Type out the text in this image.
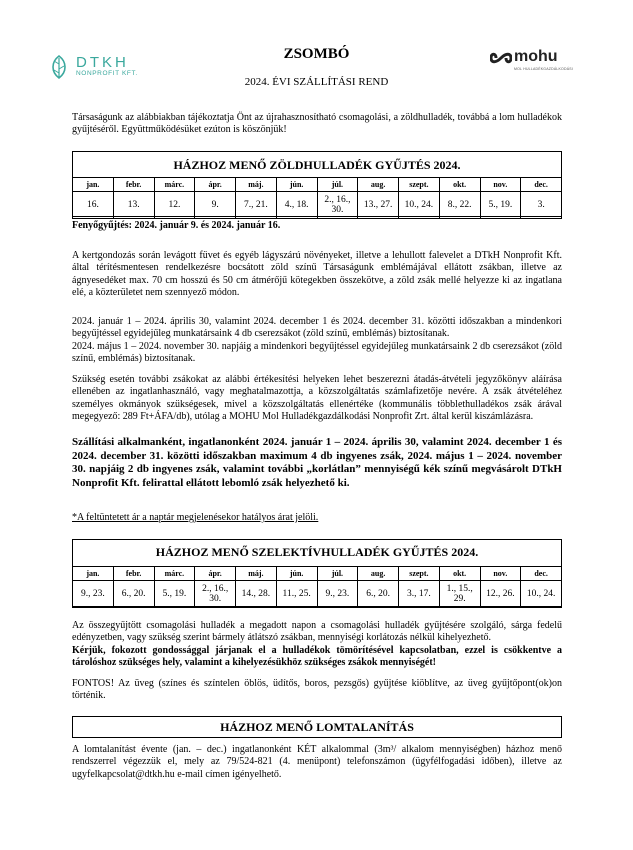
DTKH
NONPROFIT KFT.
ZSOMBÓ
2024. ÉVI SZÁLLÍTÁSI REND
mohu
MOL HULLADÉKGAZDÁLKODÁSI

Társaságunk az alábbiakban tájékoztatja Önt az újrahasznosítható csomagolási, a zöldhulladék, továbbá a lom hulladékok gyűjtéséről. Együttműködésüket ezúton is köszönjük!

HÁZHOZ MENŐ ZÖLDHULLADÉK GYŰJTÉS 2024.
jan.	febr.	márc.	ápr.	máj.	jún.	júl.	aug.	szept.	okt.	nov.	dec.
16.	13.	12.	9.	7., 21.	4., 18.	2., 16., 30.	13., 27.	10., 24.	8., 22.	5., 19.	3.

Fenyőgyűjtés: 2024. január 9. és 2024. január 16.

A kertgondozás során levágott füvet és egyéb lágyszárú növényeket, illetve a lehullott falevelet a DTkH Nonprofit Kft. által térítésmentesen rendelkezésre bocsátott zöld színű Társaságunk emblémájával ellátott zsákban, illetve az ágnyesedéket max. 70 cm hosszú és 50 cm átmérőjű kötegekben összekötve, a zöld zsák mellé helyezze ki az ingatlana elé, a közterületet nem szennyező módon.

2024. január 1 – 2024. április 30, valamint 2024. december 1 és 2024. december 31. közötti időszakban a mindenkori begyűjtéssel egyidejűleg munkatársaink 4 db cserezsákot (zöld színű, emblémás) biztosítanak.

2024. május 1 – 2024. november 30. napjáig a mindenkori begyűjtéssel egyidejűleg munkatársaink 2 db cserezsákot (zöld színű, emblémás) biztosítanak.

Szükség esetén további zsákokat az alábbi értékesítési helyeken lehet beszerezni átadás-átvételi jegyzőkönyv aláírása ellenében az ingatlanhasználó, vagy meghatalmazottja, a közszolgáltatás számlafizetője nevére. A zsák átvételéhez személyes okmányok szükségesek, mivel a közszolgáltatás ellenértéke (kommunális többlethulladékos zsák árával megegyező: 289 Ft+ÁFA/db), utólag a MOHU Mol Hulladékgazdálkodási Nonprofit Zrt. által kerül kiszámlázásra.

Szállítási alkalmanként, ingatlanonként 2024. január 1 – 2024. április 30, valamint 2024. december 1 és 2024. december 31. közötti időszakban maximum 4 db ingyenes zsák, 2024. május 1 – 2024. november 30. napjáig 2 db ingyenes zsák, valamint további „korlátlan” mennyiségű kék színű megvásárolt DTkH Nonprofit Kft. felirattal ellátott lebomló zsák helyezhető ki.

*A feltüntetett ár a naptár megjelenésekor hatályos árat jelöli.

HÁZHOZ MENŐ SZELEKTÍVHULLADÉK GYŰJTÉS 2024.
jan.	febr.	márc.	ápr.	máj.	jún.	júl.	aug.	szept.	okt.	nov.	dec.
9., 23.	6., 20.	5., 19.	2., 16., 30.	14., 28.	11., 25.	9., 23.	6., 20.	3., 17.	1., 15., 29.	12., 26.	10., 24.

Az összegyűjtött csomagolási hulladék a megadott napon a csomagolási hulladék gyűjtésére szolgáló, sárga fedelű edényzetben, vagy szükség szerint bármely átlátszó zsákban, mennyiségi korlátozás nélkül kihelyezhető.

Kérjük, fokozott gondossággal járjanak el a hulladékok tömörítésével kapcsolatban, ezzel is csökkentve a tárolóshoz szükséges hely, valamint a kihelyezésükhöz szükséges zsákok mennyiségét!

FONTOS! Az üveg (színes és színtelen öblös, üdítős, boros, pezsgős) gyűjtése kiöblítve, az üveg gyűjtőpont(ok)on történik.

HÁZHOZ MENŐ LOMTALANÍTÁS

A lomtalanítást évente (jan. – dec.) ingatlanonként KÉT alkalommal (3m³/ alkalom mennyiségben) házhoz menő rendszerrel végezzük el, mely az 79/524-821 (4. menüpont) telefonszámon (ügyfélfogadási időben), illetve az ugyfelkapcsolat@dtkh.hu e-mail címen igényelhető.
